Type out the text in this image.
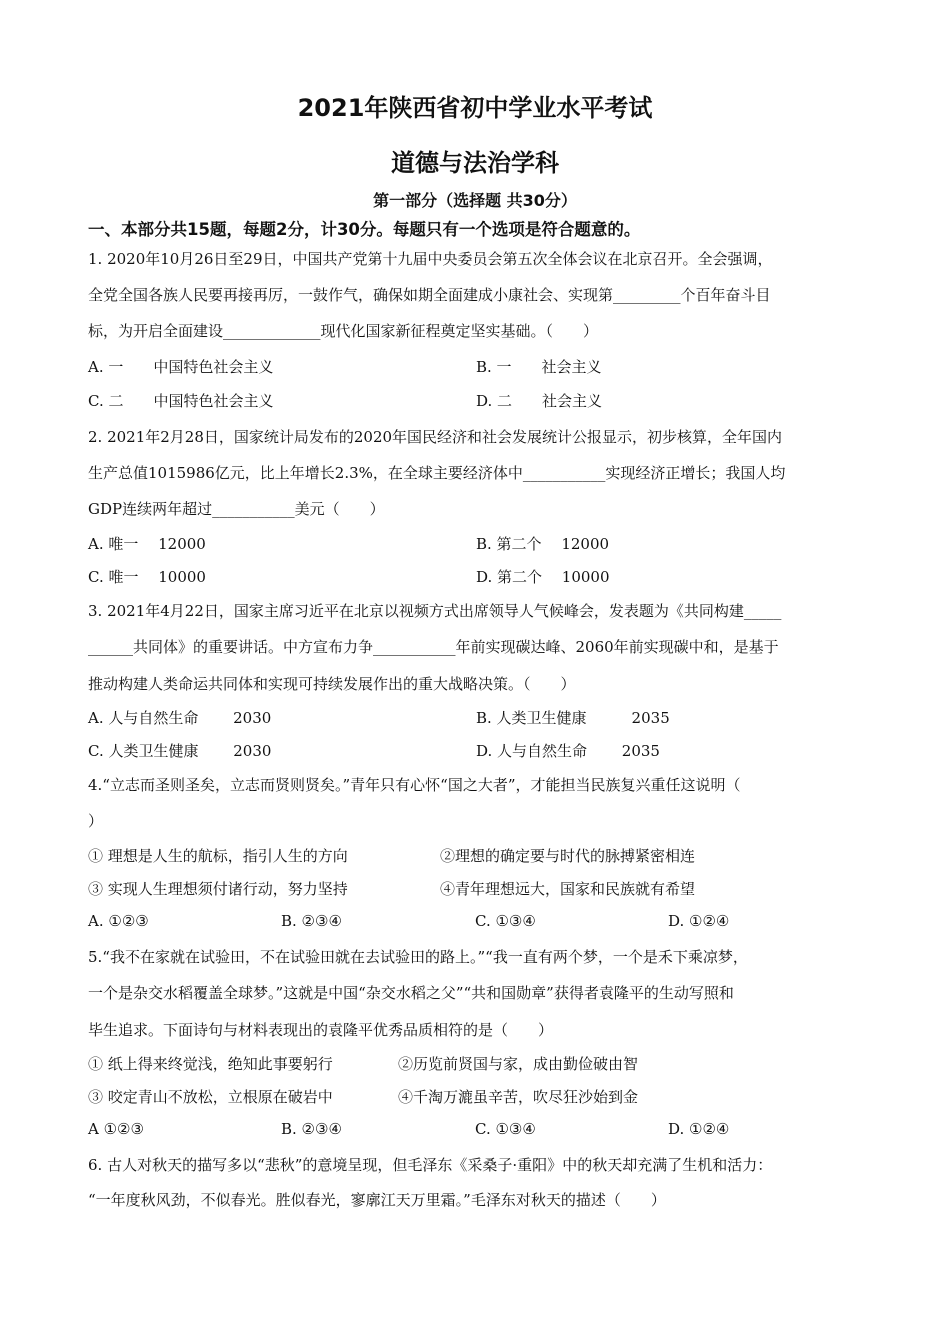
2021年陕西省初中学业水平考试
道德与法治学科
第一部分（选择题 共30分）
一、本部分共15题，每题2分，计30分。每题只有一个选项是符合题意的。
1. 2020年10月26日至29日，中国共产党第十九届中央委员会第五次全体会议在北京召开。全会强调，
全党全国各族人民要再接再厉，一鼓作气，确保如期全面建成小康社会、实现第_________个百年奋斗目
标，为开启全面建设_____________现代化国家新征程奠定坚实基础。（　　）
A. 一　　中国特色社会主义	B. 一　　社会主义
C. 二　　中国特色社会主义	D. 二　　社会主义
2. 2021年2月28日，国家统计局发布的2020年国民经济和社会发展统计公报显示，初步核算，全年国内
生产总值1015986亿元，比上年增长2.3%，在全球主要经济体中___________实现经济正增长；我国人均
GDP连续两年超过___________美元（　　）
A. 唯一　 12000	B. 第二个　 12000
C. 唯一　 10000	D. 第二个　 10000
3. 2021年4月22日，国家主席习近平在北京以视频方式出席领导人气候峰会，发表题为《共同构建_____
______共同体》的重要讲话。中方宣布力争___________年前实现碳达峰、2060年前实现碳中和，是基于
推动构建人类命运共同体和实现可持续发展作出的重大战略决策。（　　）
A. 人与自然生命　　 2030	B. 人类卫生健康　　　2035
C. 人类卫生健康　　 2030	D. 人与自然生命　　 2035
4.“立志而圣则圣矣，立志而贤则贤矣。”青年只有心怀“国之大者”，才能担当民族复兴重任这说明（
）
① 理想是人生的航标，指引人生的方向	②理想的确定要与时代的脉搏紧密相连
③ 实现人生理想须付诸行动，努力坚持	④青年理想远大，国家和民族就有希望
A. ①②③	B. ②③④	C. ①③④	D. ①②④
5.“我不在家就在试验田，不在试验田就在去试验田的路上。”“我一直有两个梦，一个是禾下乘凉梦，
一个是杂交水稻覆盖全球梦。”这就是中国“杂交水稻之父”“共和国勋章”获得者袁隆平的生动写照和
毕生追求。下面诗句与材料表现出的袁隆平优秀品质相符的是（　　）
① 纸上得来终觉浅，绝知此事要躬行	②历览前贤国与家，成由勤俭破由智
③ 咬定青山不放松，立根原在破岩中	④千淘万漉虽辛苦，吹尽狂沙始到金
A ①②③	B. ②③④	C. ①③④	D. ①②④
6. 古人对秋天的描写多以“悲秋”的意境呈现，但毛泽东《采桑子·重阳》中的秋天却充满了生机和活力：
“一年度秋风劲，不似春光。胜似春光，寥廓江天万里霜。”毛泽东对秋天的描述（　　）
